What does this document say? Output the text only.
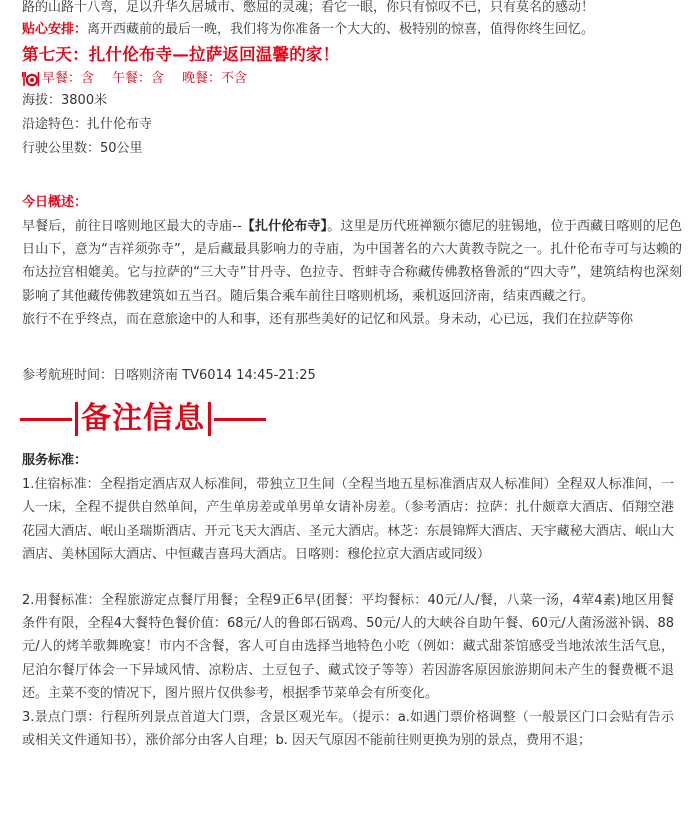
路的山路十八弯，足以升华久居城市、憋屈的灵魂；看它一眼，你只有惊叹不已，只有莫名的感动！
贴心安排：离开西藏前的最后一晚，我们将为你准备一个大大的、极特别的惊喜，值得你终生回忆。
第七天：扎什伦布寺—拉萨返回温馨的家！
早餐：含 午餐：含 晚餐：不含
海拔：3800米
沿途特色：扎什伦布寺
行驶公里数：50公里
今日概述：

早餐后，前往日喀则地区最大的寺庙--【扎什伦布寺】。这里是历代班禅额尔德尼的驻锡地，位于西藏日喀则的尼色日山下，意为“吉祥须弥寺”，是后藏最具影响力的寺庙，为中国著名的六大黄教寺院之一。扎什伦布寺可与达赖的布达拉宫相媲美。它与拉萨的“三大寺”甘丹寺、色拉寺、哲蚌寺合称藏传佛教格鲁派的“四大寺”，建筑结构也深刻影响了其他藏传佛教建筑如五当召。随后集合乘车前往日喀则机场，乘机返回济南，结束西藏之行。

旅行不在乎终点，而在意旅途中的人和事，还有那些美好的记忆和风景。身未动，心已远，我们在拉萨等你

参考航班时间：日喀则济南 TV6014 14:45-21:25
备注信息
服务标准：

1.住宿标准：全程指定酒店双人标准间，带独立卫生间（全程当地五星标准酒店双人标准间）全程双人标准间，一人一床，全程不提供自然单间，产生单房差或单男单女请补房差。（参考酒店：拉萨：扎什颇章大酒店、佰翔空港花园大酒店、岷山圣瑞斯酒店、开元飞天大酒店、圣元大酒店。林芝：东晨锦辉大酒店、天宇藏秘大酒店、岷山大酒店、美林国际大酒店、中恒藏吉喜玛大酒店。日喀则：穆伦拉京大酒店或同级）

2.用餐标准：全程旅游定点餐厅用餐；全程9正6早(团餐：平均餐标：40元/人/餐，八菜一汤，4荤4素)地区用餐条件有限，全程4大餐特色餐价值：68元/人的鲁郎石锅鸡、50元/人的大峡谷自助午餐、60元/人菌汤滋补锅、88元/人的烤羊歌舞晚宴！市内不含餐，客人可自由选择当地特色小吃（例如：藏式甜茶馆感受当地浓浓生活气息，尼泊尔餐厅体会一下异域风情、凉粉店、土豆包子、藏式饺子等等）若因游客原因旅游期间未产生的餐费概不退还。主菜不变的情况下，图片照片仅供参考，根据季节菜单会有所变化。

3.景点门票：行程所列景点首道大门票，含景区观光车。（提示：a.如遇门票价格调整（一般景区门口会贴有告示或相关文件通知书），涨价部分由客人自理；b. 因天气原因不能前往则更换为别的景点，费用不退；
